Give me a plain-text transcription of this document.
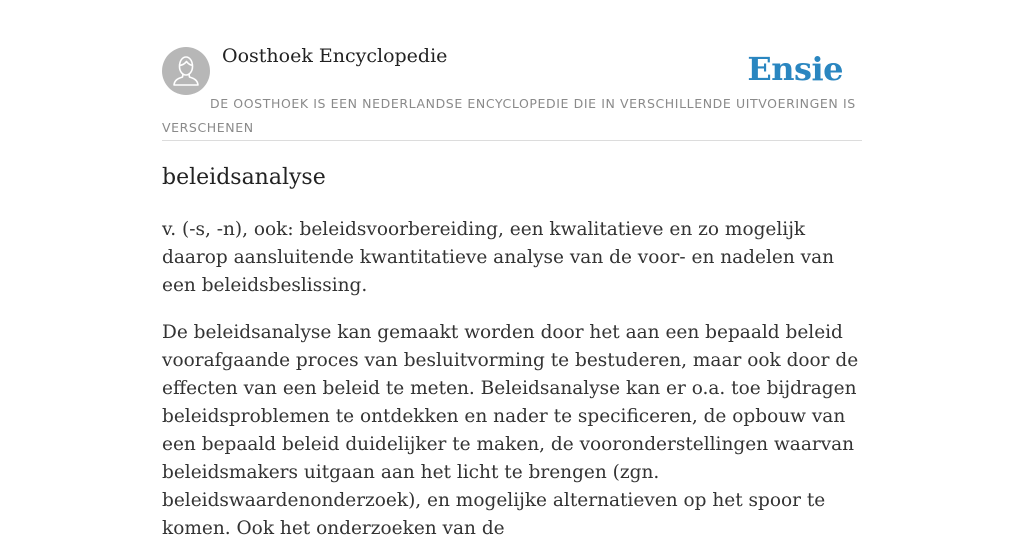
Oosthoek Encyclopedie	Ensie
DE OOSTHOEK IS EEN NEDERLANDSE ENCYCLOPEDIE DIE IN VERSCHILLENDE UITVOERINGEN IS VERSCHENEN
beleidsanalyse

v. (-s, -n), ook: beleidsvoorbereiding, een kwalitatieve en zo mogelijk daarop aansluitende kwantitatieve analyse van de voor- en nadelen van een beleidsbeslissing.

De beleidsanalyse kan gemaakt worden door het aan een bepaald beleid voorafgaande proces van besluitvorming te bestuderen, maar ook door de effecten van een beleid te meten. Beleidsanalyse kan er o.a. toe bijdragen beleidsproblemen te ontdekken en nader te specificeren, de opbouw van een bepaald beleid duidelijker te maken, de vooronderstellingen waarvan beleidsmakers uitgaan aan het licht te brengen (zgn. beleidswaardenonderzoek), en mogelijke alternatieven op het spoor te komen. Ook het onderzoeken van de
